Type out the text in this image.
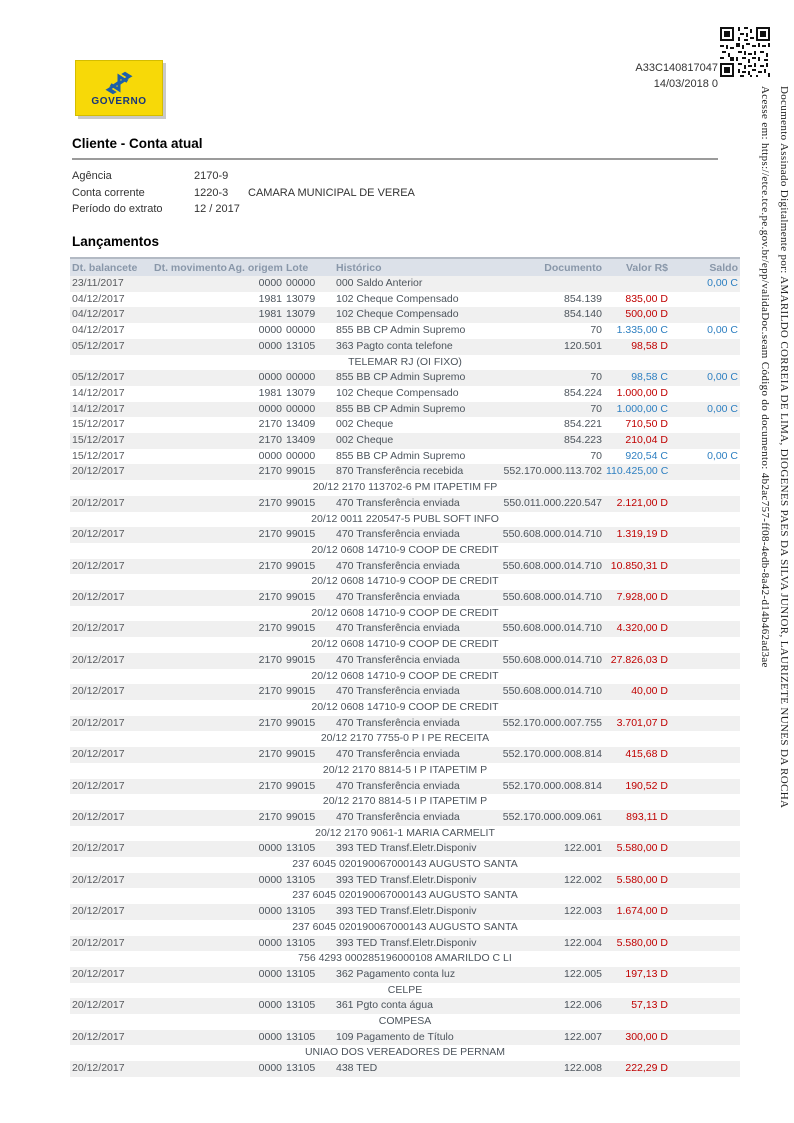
GOVERNO
A33C140817047
14/03/2018 0
Documento Assinado Digitalmente por: AMARILDO CORREIA DE LIMA, DIOGENES PAES DA SILVA JUNIOR, LAURIZETE NUNES DA ROCHA
Acesse em: https://etce.tce.pe.gov.br/epp/validaDoc.seam Código do documento: 4b2ac757-ff08-4edb-8a42-d14b462ad3ae
Cliente - Conta atual
Agência	2170-9
Conta corrente	1220-3 CAMARA MUNICIPAL DE VEREA
Período do extrato	12 / 2017
Lançamentos
Dt. balancete	Dt. movimento	Ag. origem	Lote	Histórico	Documento	Valor R$	Saldo
23/11/2017		0000	00000	000 Saldo Anterior			0,00 C
04/12/2017		1981	13079	102 Cheque Compensado	854.139	835,00 D	
04/12/2017		1981	13079	102 Cheque Compensado	854.140	500,00 D	
04/12/2017		0000	00000	855 BB CP Admin Supremo	70	1.335,00 C	0,00 C
05/12/2017		0000	13105	363 Pagto conta telefone	120.501	98,58 D	
TELEMAR RJ (OI FIXO)							
05/12/2017		0000	00000	855 BB CP Admin Supremo	70	98,58 C	0,00 C
14/12/2017		1981	13079	102 Cheque Compensado	854.224	1.000,00 D	
14/12/2017		0000	00000	855 BB CP Admin Supremo	70	1.000,00 C	0,00 C
15/12/2017		2170	13409	002 Cheque	854.221	710,50 D	
15/12/2017		2170	13409	002 Cheque	854.223	210,04 D	
15/12/2017		0000	00000	855 BB CP Admin Supremo	70	920,54 C	0,00 C
20/12/2017		2170	99015	870 Transferência recebida	552.170.000.113.702	110.425,00 C	
20/12 2170 113702-6 PM ITAPETIM FP							
20/12/2017		2170	99015	470 Transferência enviada	550.011.000.220.547	2.121,00 D	
20/12 0011 220547-5 PUBL SOFT INFO							
20/12/2017		2170	99015	470 Transferência enviada	550.608.000.014.710	1.319,19 D	
20/12 0608 14710-9 COOP DE CREDIT							
20/12/2017		2170	99015	470 Transferência enviada	550.608.000.014.710	10.850,31 D	
20/12 0608 14710-9 COOP DE CREDIT							
20/12/2017		2170	99015	470 Transferência enviada	550.608.000.014.710	7.928,00 D	
20/12 0608 14710-9 COOP DE CREDIT							
20/12/2017		2170	99015	470 Transferência enviada	550.608.000.014.710	4.320,00 D	
20/12 0608 14710-9 COOP DE CREDIT							
20/12/2017		2170	99015	470 Transferência enviada	550.608.000.014.710	27.826,03 D	
20/12 0608 14710-9 COOP DE CREDIT							
20/12/2017		2170	99015	470 Transferência enviada	550.608.000.014.710	40,00 D	
20/12 0608 14710-9 COOP DE CREDIT							
20/12/2017		2170	99015	470 Transferência enviada	552.170.000.007.755	3.701,07 D	
20/12 2170 7755-0 P I PE RECEITA							
20/12/2017		2170	99015	470 Transferência enviada	552.170.000.008.814	415,68 D	
20/12 2170 8814-5 I P ITAPETIM P							
20/12/2017		2170	99015	470 Transferência enviada	552.170.000.008.814	190,52 D	
20/12 2170 8814-5 I P ITAPETIM P							
20/12/2017		2170	99015	470 Transferência enviada	552.170.000.009.061	893,11 D	
20/12 2170 9061-1 MARIA CARMELIT							
20/12/2017		0000	13105	393 TED Transf.Eletr.Disponiv	122.001	5.580,00 D	
237 6045 020190067000143 AUGUSTO SANTA							
20/12/2017		0000	13105	393 TED Transf.Eletr.Disponiv	122.002	5.580,00 D	
237 6045 020190067000143 AUGUSTO SANTA							
20/12/2017		0000	13105	393 TED Transf.Eletr.Disponiv	122.003	1.674,00 D	
237 6045 020190067000143 AUGUSTO SANTA							
20/12/2017		0000	13105	393 TED Transf.Eletr.Disponiv	122.004	5.580,00 D	
756 4293 000285196000108 AMARILDO C LI							
20/12/2017		0000	13105	362 Pagamento conta luz	122.005	197,13 D	
CELPE							
20/12/2017		0000	13105	361 Pgto conta água	122.006	57,13 D	
COMPESA							
20/12/2017		0000	13105	109 Pagamento de Título	122.007	300,00 D	
UNIAO DOS VEREADORES DE PERNAM							
20/12/2017		0000	13105	438 TED	122.008	222,29 D	
